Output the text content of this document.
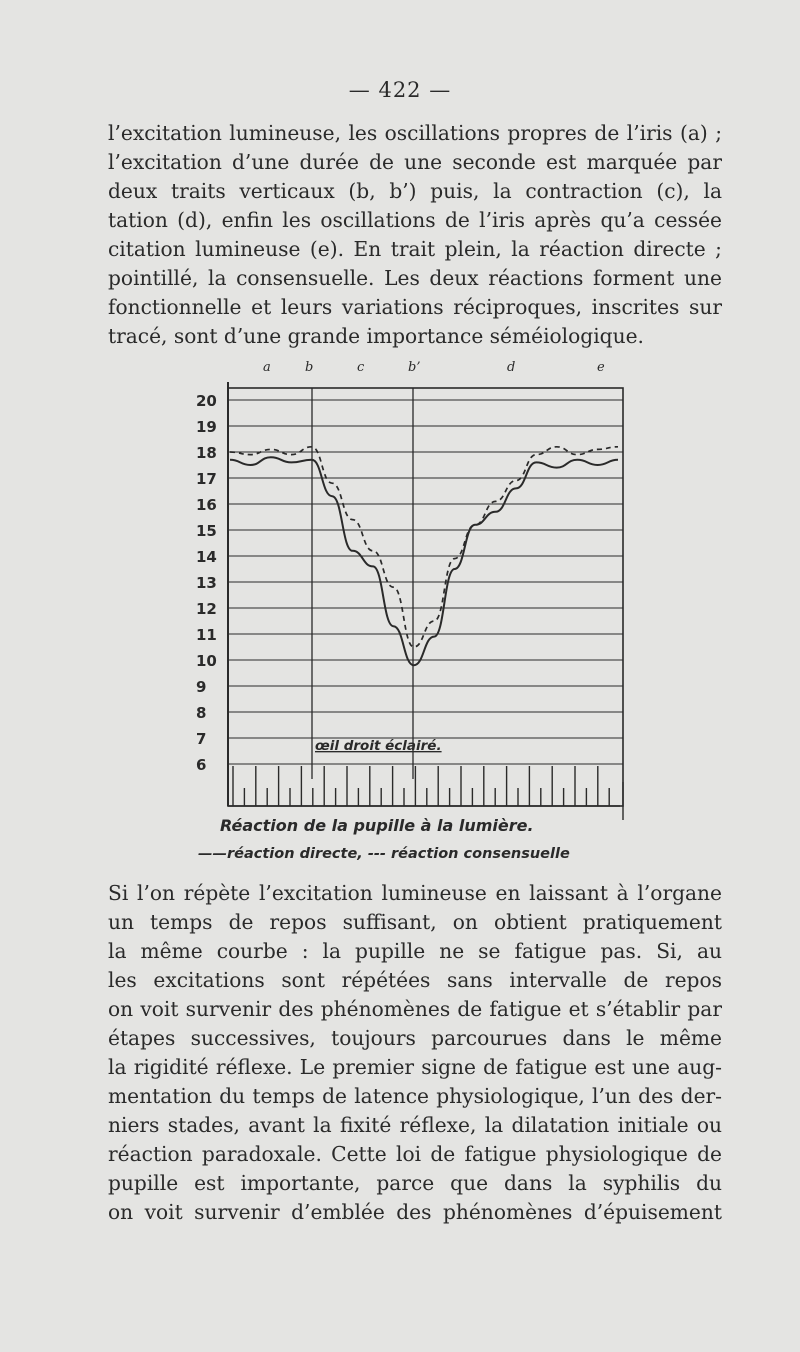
— 422 —
l’excitation lumineuse, les oscillations propres de l’iris (a) ;
l’excitation d’une durée de une seconde est marquée par
deux traits verticaux (b, b’) puis, la contraction (c), la
tation (d), enfin les oscillations de l’iris après qu’a cessée
citation lumineuse (e). En trait plein, la réaction directe ;
pointillé, la consensuelle. Les deux réactions forment une
fonctionnelle et leurs variations réciproques, inscrites sur
tracé, sont d’une grande importance séméiologique.
a	b	c	b’	d	e
20
19
18
17
16
15
14
13
12
11
10
9
8
7
6
œil droit éclairé.
Réaction de la pupille à la lumière.
——réaction directe, --- réaction consensuelle
Si l’on répète l’excitation lumineuse en laissant à l’organe
un temps de repos suffisant, on obtient pratiquement
la même courbe : la pupille ne se fatigue pas. Si, au
les excitations sont répétées sans intervalle de repos
on voit survenir des phénomènes de fatigue et s’établir par
étapes successives, toujours parcourues dans le même
la rigidité réflexe. Le premier signe de fatigue est une aug-
mentation du temps de latence physiologique, l’un des der-
niers stades, avant la fixité réflexe, la dilatation initiale ou
réaction paradoxale. Cette loi de fatigue physiologique de
pupille est importante, parce que dans la syphilis du
on voit survenir d’emblée des phénomènes d’épuisement
